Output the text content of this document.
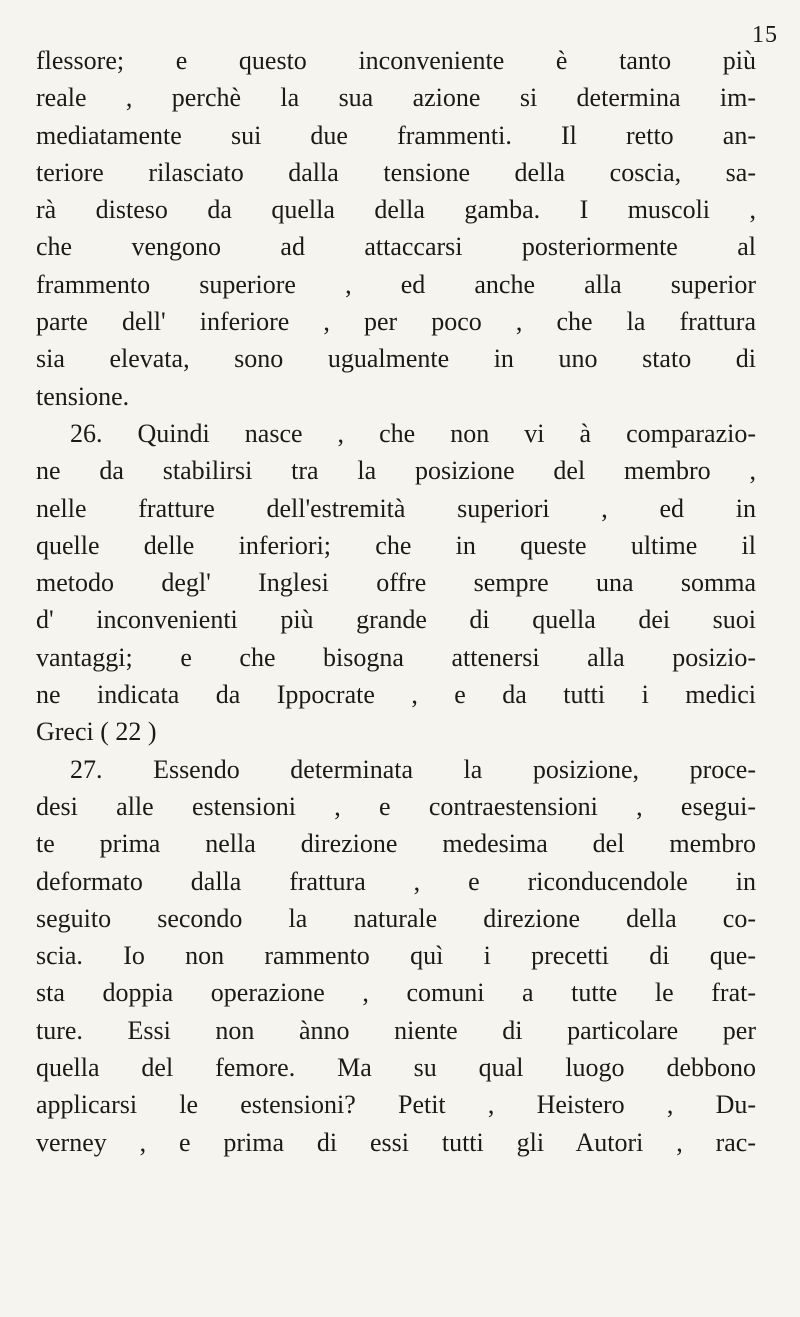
15
flessore; e questo inconveniente è tanto più
reale , perchè la sua azione si determina im-
mediatamente sui due frammenti. Il retto an-
teriore rilasciato dalla tensione della coscia, sa-
rà disteso da quella della gamba. I muscoli ,
che vengono ad attaccarsi posteriormente al
frammento superiore , ed anche alla superior
parte dell' inferiore , per poco , che la frattura
sia elevata, sono ugualmente in uno stato di
tensione.
26. Quindi nasce , che non vi à comparazio-
ne da stabilirsi tra la posizione del membro ,
nelle fratture dell'estremità superiori , ed in
quelle delle inferiori; che in queste ultime il
metodo degl' Inglesi offre sempre una somma
d' inconvenienti più grande di quella dei suoi
vantaggi; e che bisogna attenersi alla posizio-
ne indicata da Ippocrate , e da tutti i medici
Greci ( 22 )
27. Essendo determinata la posizione, proce-
desi alle estensioni , e contraestensioni , esegui-
te prima nella direzione medesima del membro
deformato dalla frattura , e riconducendole in
seguito secondo la naturale direzione della co-
scia. Io non rammento quì i precetti di que-
sta doppia operazione , comuni a tutte le frat-
ture. Essi non ànno niente di particolare per
quella del femore. Ma su qual luogo debbono
applicarsi le estensioni? Petit , Heistero , Du-
verney , e prima di essi tutti gli Autori , rac-
